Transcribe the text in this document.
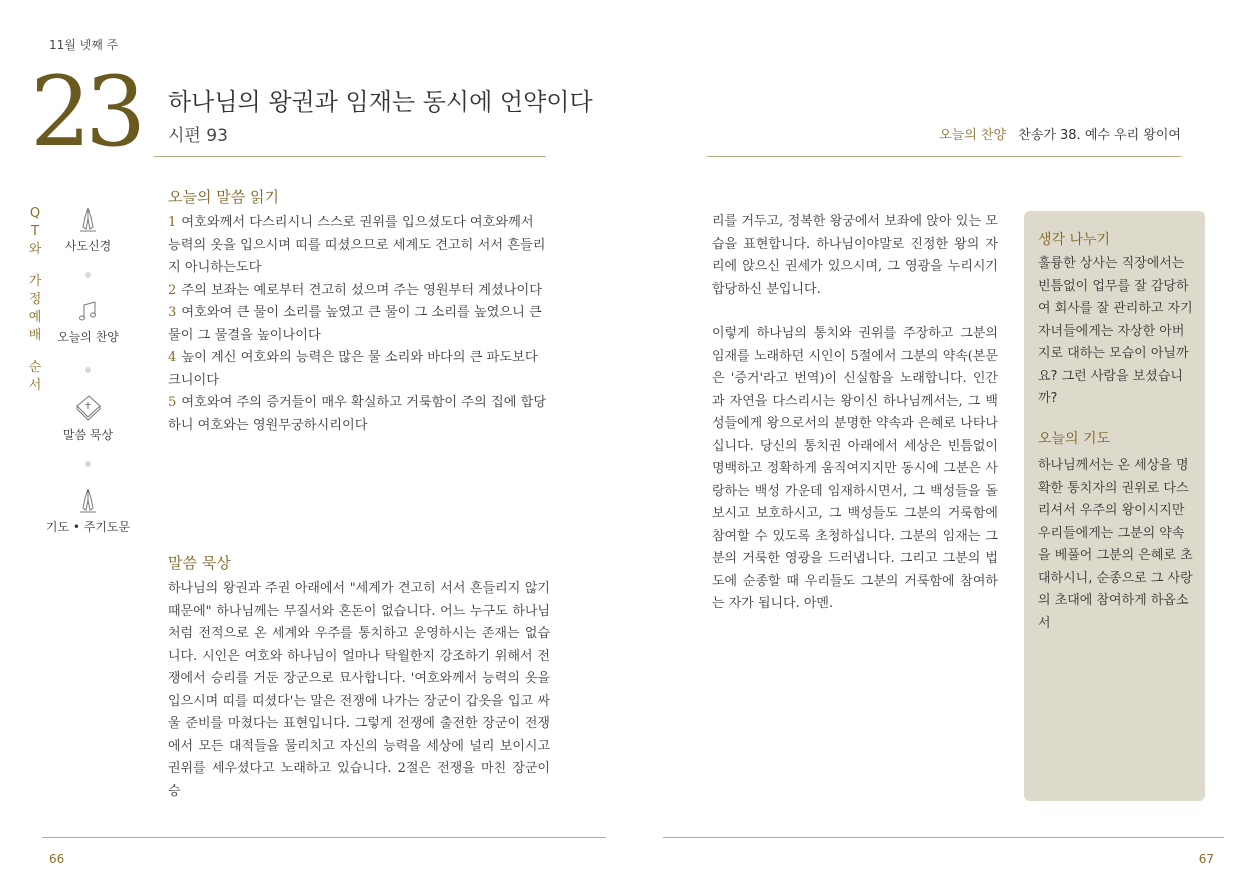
11월 넷째 주
23 하나님의 왕권과 임재는 동시에 언약이다
시편 93	오늘의 찬양 찬송가 38. 예수 우리 왕이여
Q
T
와
가
정
예
배
순
서
사도신경
오늘의 찬양
말씀 묵상
기도 • 주기도문
오늘의 말씀 읽기
1 여호와께서 다스리시니 스스로 권위를 입으셨도다 여호와께서 능력의 옷을 입으시며 띠를 띠셨으므로 세계도 견고히 서서 흔들리지 아니하는도다
2 주의 보좌는 예로부터 견고히 섰으며 주는 영원부터 계셨나이다
3 여호와여 큰 물이 소리를 높였고 큰 물이 그 소리를 높였으니 큰 물이 그 물결을 높이나이다
4 높이 계신 여호와의 능력은 많은 물 소리와 바다의 큰 파도보다 크니이다
5 여호와여 주의 증거들이 매우 확실하고 거룩함이 주의 집에 합당하니 여호와는 영원무궁하시리이다
말씀 묵상
하나님의 왕권과 주권 아래에서 "세계가 견고히 서서 흔들리지 않기 때문에" 하나님께는 무질서와 혼돈이 없습니다. 어느 누구도 하나님처럼 전적으로 온 세계와 우주를 통치하고 운영하시는 존재는 없습니다. 시인은 여호와 하나님이 얼마나 탁월한지 강조하기 위해서 전쟁에서 승리를 거둔 장군으로 묘사합니다. '여호와께서 능력의 옷을 입으시며 띠를 띠셨다'는 말은 전쟁에 나가는 장군이 갑옷을 입고 싸울 준비를 마쳤다는 표현입니다. 그렇게 전쟁에 출전한 장군이 전쟁에서 모든 대적들을 물리치고 자신의 능력을 세상에 널리 보이시고 권위를 세우셨다고 노래하고 있습니다. 2절은 전쟁을 마친 장군이 승
리를 거두고, 정복한 왕궁에서 보좌에 앉아 있는 모습을 표현합니다. 하나님이야말로 진정한 왕의 자리에 앉으신 권세가 있으시며, 그 영광을 누리시기 합당하신 분입니다.
이렇게 하나님의 통치와 권위를 주장하고 그분의 임재를 노래하던 시인이 5절에서 그분의 약속(본문은 '증거'라고 번역)이 신실함을 노래합니다. 인간과 자연을 다스리시는 왕이신 하나님께서는, 그 백성들에게 왕으로서의 분명한 약속과 은혜로 나타나십니다. 당신의 통치권 아래에서 세상은 빈틈없이 명백하고 정확하게 움직여지지만 동시에 그분은 사랑하는 백성 가운데 임재하시면서, 그 백성들을 돌보시고 보호하시고, 그 백성들도 그분의 거룩함에 참여할 수 있도록 초청하십니다. 그분의 임재는 그분의 거룩한 영광을 드러냅니다. 그리고 그분의 법도에 순종할 때 우리들도 그분의 거룩함에 참여하는 자가 됩니다. 아멘.
생각 나누기
훌륭한 상사는 직장에서는 빈틈없이 업무를 잘 감당하여 회사를 잘 관리하고 자기 자녀들에게는 자상한 아버지로 대하는 모습이 아닐까요? 그런 사람을 보셨습니까?
오늘의 기도
하나님께서는 온 세상을 명확한 통치자의 권위로 다스리셔서 우주의 왕이시지만 우리들에게는 그분의 약속을 베풀어 그분의 은혜로 초대하시니, 순종으로 그 사랑의 초대에 참여하게 하옵소서
66	67
